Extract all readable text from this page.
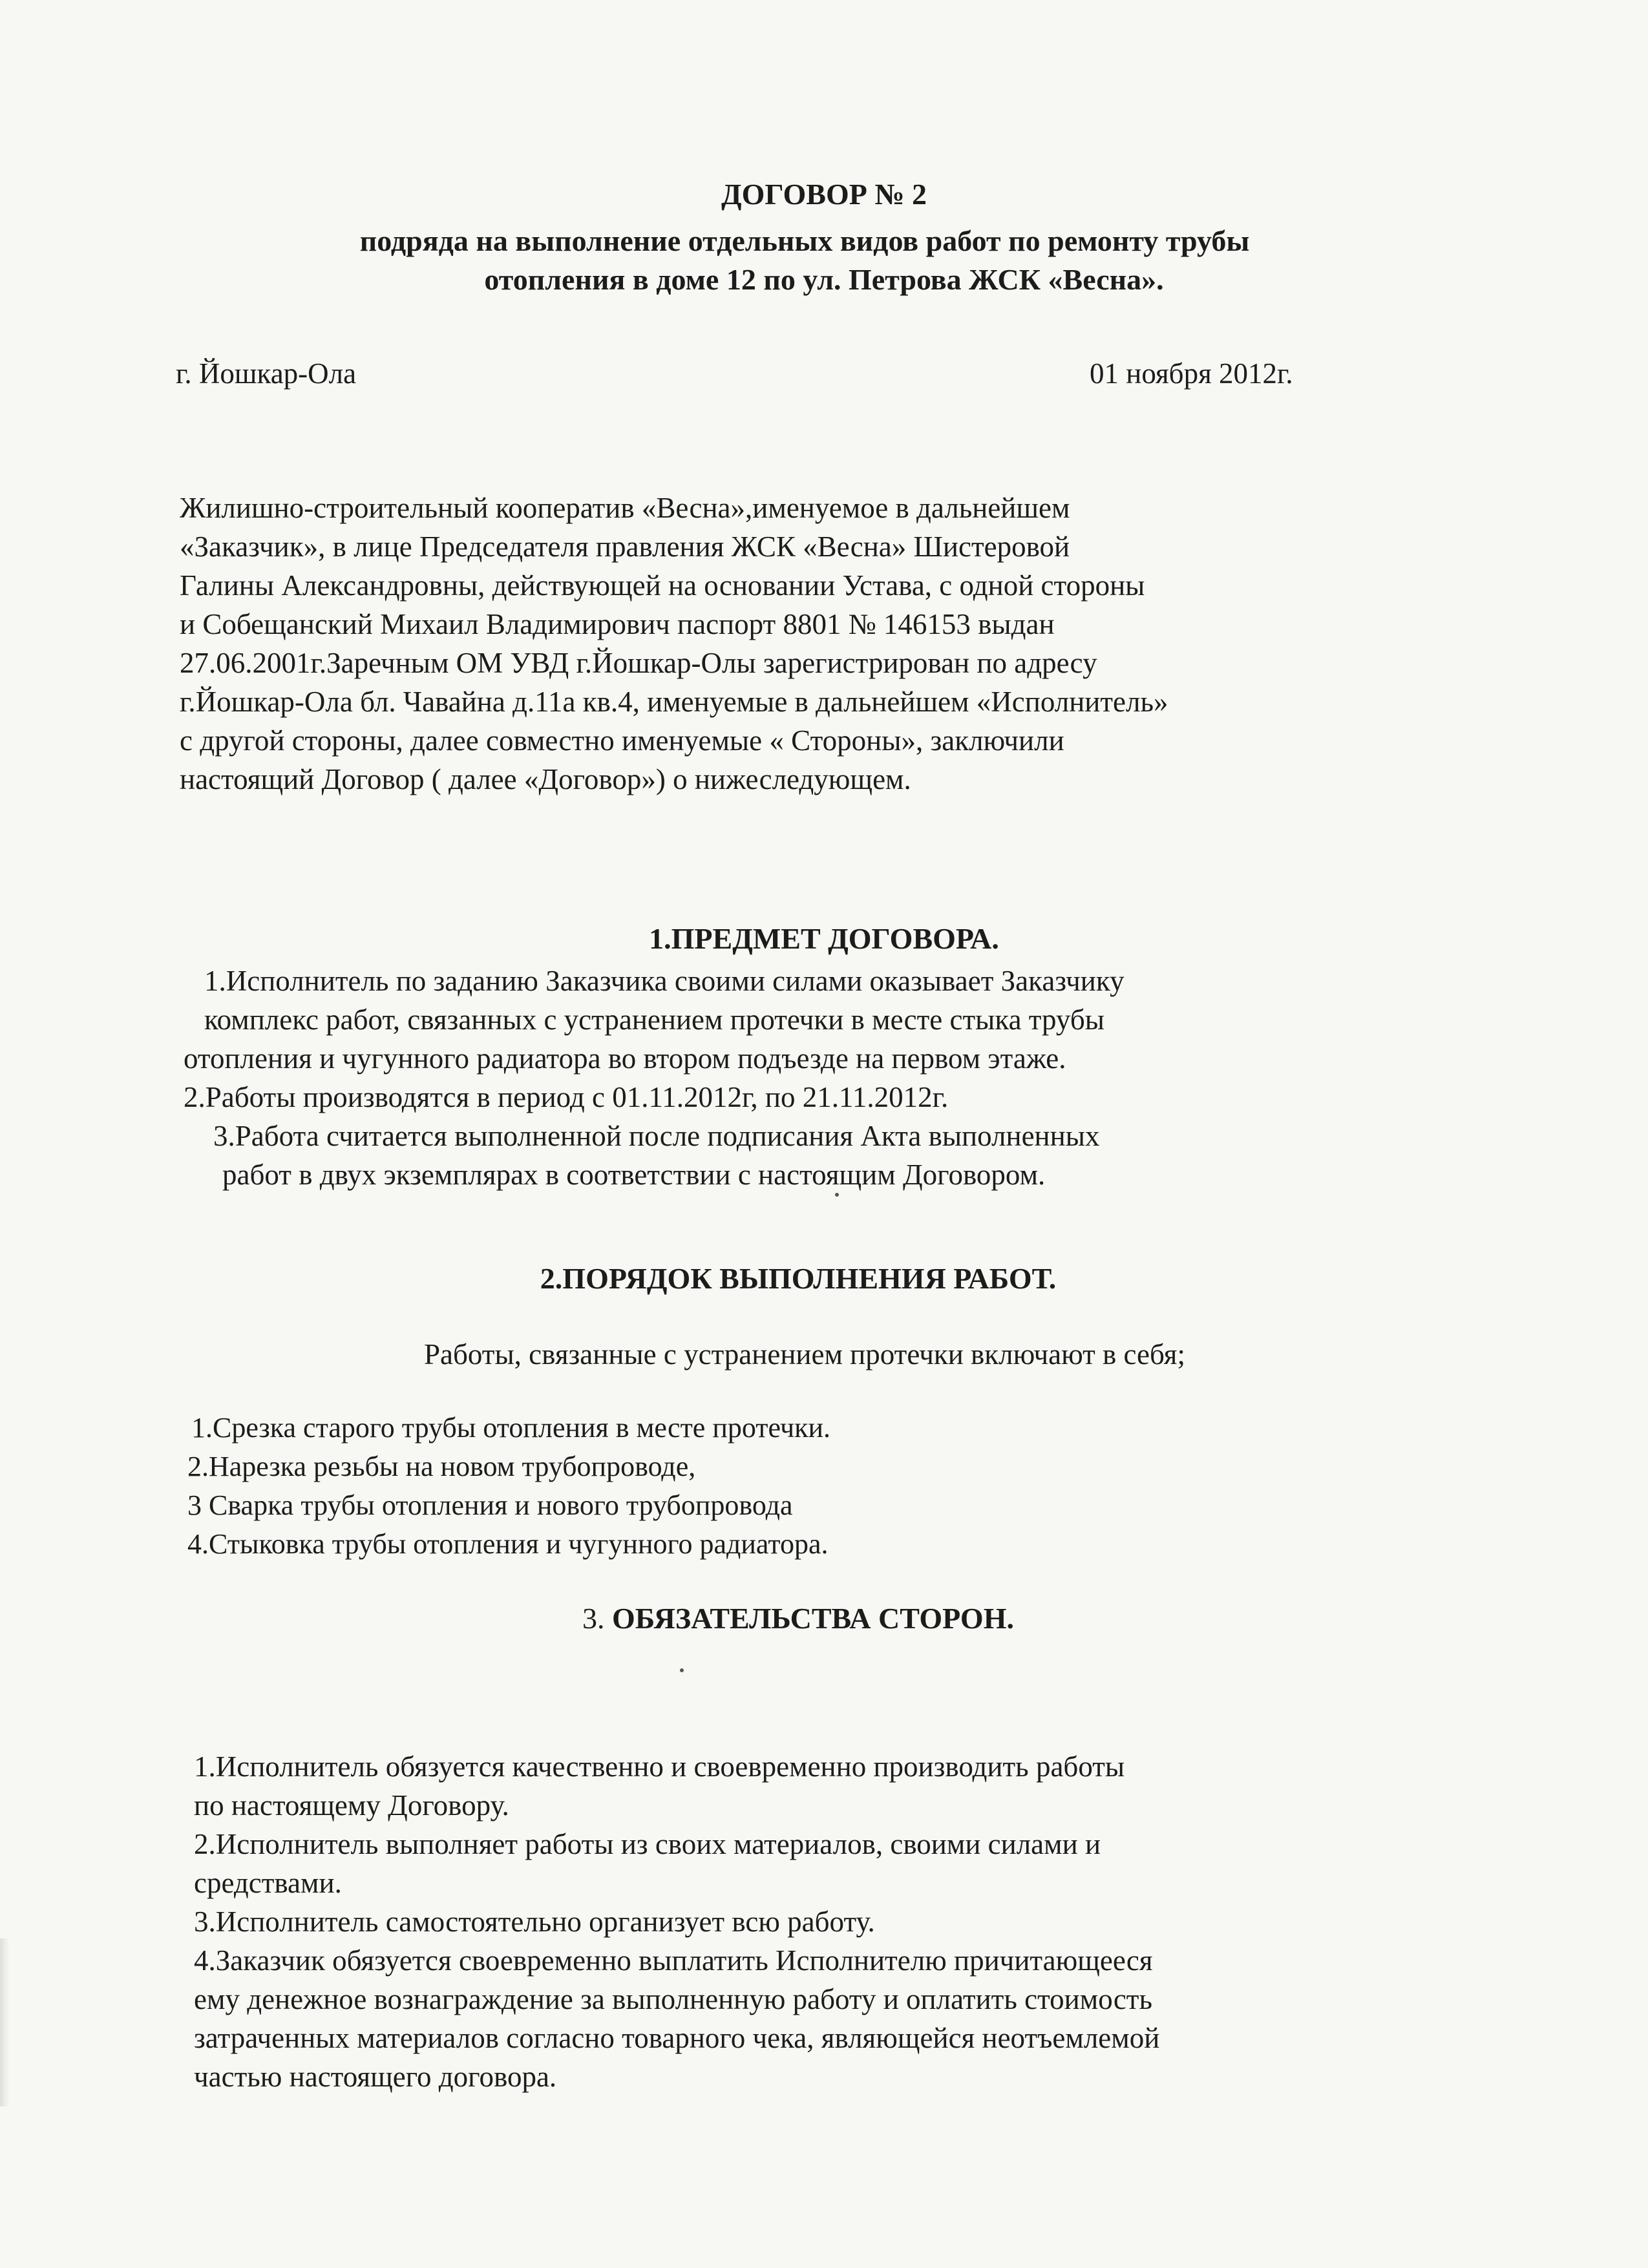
ДОГОВОР № 2
подряда на выполнение отдельных видов работ по ремонту трубы
отопления в доме 12 по ул. Петрова ЖСК «Весна».
г. Йошкар-Ола	01 ноября 2012г.
Жилишно-строительный кооператив «Весна»,именуемое в дальнейшем
«Заказчик», в лице Председателя правления ЖСК «Весна» Шистеровой
Галины Александровны, действующей на основании Устава, с одной стороны
и Собещанский Михаил Владимирович паспорт 8801 № 146153 выдан
27.06.2001г.Заречным ОМ УВД г.Йошкар-Олы зарегистрирован по адресу
г.Йошкар-Ола бл. Чавайна д.11а кв.4, именуемые в дальнейшем «Исполнитель»
с другой стороны, далее совместно именуемые « Стороны», заключили
настоящий Договор ( далее «Договор») о нижеследующем.
1.ПРЕДМЕТ ДОГОВОРА.
1.Исполнитель по заданию Заказчика своими силами оказывает Заказчику
комплекс работ, связанных с устранением протечки в месте стыка трубы
отопления и чугунного радиатора во втором подъезде на первом этаже.
2.Работы производятся в период с 01.11.2012г, по 21.11.2012г.
3.Работа считается выполненной после подписания Акта выполненных
работ в двух экземплярах в соответствии с настоящим Договором.
2.ПОРЯДОК ВЫПОЛНЕНИЯ РАБОТ.
Работы, связанные с устранением протечки включают в себя;
1.Срезка старого трубы отопления в месте протечки.
2.Нарезка резьбы на новом трубопроводе,
3 Сварка трубы отопления и нового трубопровода
4.Стыковка трубы отопления и чугунного радиатора.
3. ОБЯЗАТЕЛЬСТВА СТОРОН.
1.Исполнитель обязуется качественно и своевременно производить работы
по настоящему Договору.
2.Исполнитель выполняет работы из своих материалов, своими силами и
средствами.
3.Исполнитель самостоятельно организует всю работу.
4.Заказчик обязуется своевременно выплатить Исполнителю причитающееся
ему денежное вознаграждение за выполненную работу и оплатить стоимость
затраченных материалов согласно товарного чека, являющейся неотъемлемой
частью настоящего договора.
